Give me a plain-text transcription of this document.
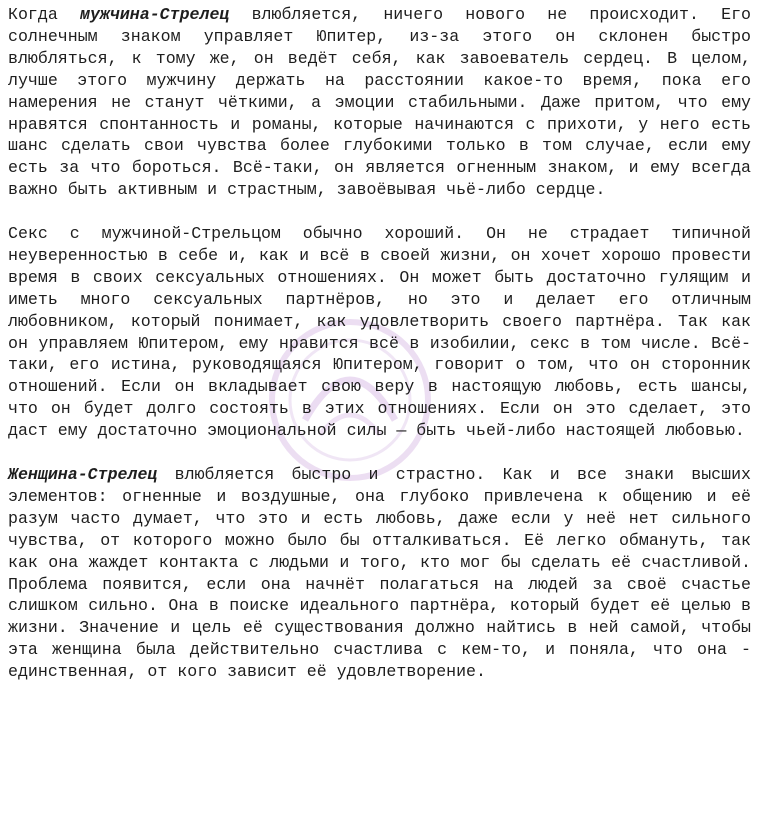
Когда мужчина-Стрелец влюбляется, ничего нового не происходит. Его солнечным знаком управляет Юпитер, из-за этого он склонен быстро влюбляться, к тому же, он ведёт себя, как завоеватель сердец. В целом, лучше этого мужчину держать на расстоянии какое-то время, пока его намерения не станут чёткими, а эмоции стабильными. Даже притом, что ему нравятся спонтанность и романы, которые начинаются с прихоти, у него есть шанс сделать свои чувства более глубокими только в том случае, если ему есть за что бороться. Всё-таки, он является огненным знаком, и ему всегда важно быть активным и страстным, завоёвывая чьё-либо сердце.

Секс с мужчиной-Стрельцом обычно хороший. Он не страдает типичной неуверенностью в себе и, как и всё в своей жизни, он хочет хорошо провести время в своих сексуальных отношениях. Он может быть достаточно гулящим и иметь много сексуальных партнёров, но это и делает его отличным любовником, который понимает, как удовлетворить своего партнёра. Так как он управляем Юпитером, ему нравится всё в изобилии, секс в том числе. Всё-таки, его истина, руководящаяся Юпитером, говорит о том, что он сторонник отношений. Если он вкладывает свою веру в настоящую любовь, есть шансы, что он будет долго состоять в этих отношениях. Если он это сделает, это даст ему достаточно эмоциональной силы — быть чьей-либо настоящей любовью.

Женщина-Стрелец влюбляется быстро и страстно. Как и все знаки высших элементов: огненные и воздушные, она глубоко привлечена к общению и её разум часто думает, что это и есть любовь, даже если у неё нет сильного чувства, от которого можно было бы отталкиваться. Её легко обмануть, так как она жаждет контакта с людьми и того, кто мог бы сделать её счастливой. Проблема появится, если она начнёт полагаться на людей за своё счастье слишком сильно. Она в поиске идеального партнёра, который будет её целью в жизни. Значение и цель её существования должно найтись в ней самой, чтобы эта женщина была действительно счастлива с кем-то, и поняла, что она - единственная, от кого зависит её удовлетворение.
